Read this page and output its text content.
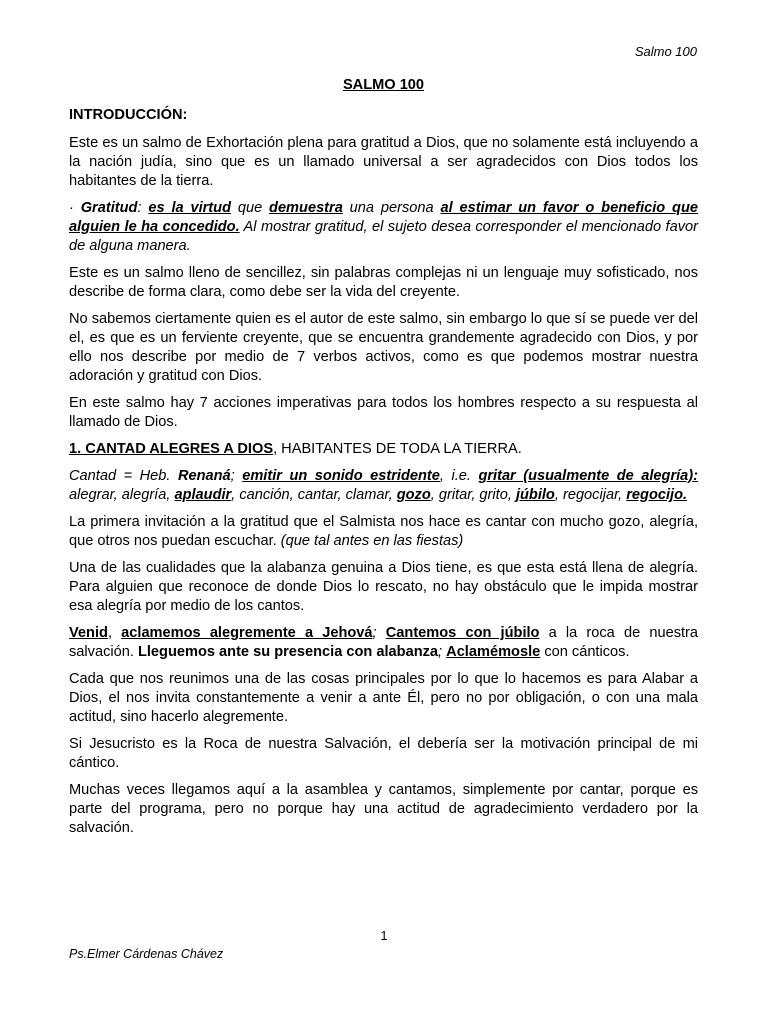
Salmo 100
SALMO 100
INTRODUCCIÓN:

Este es un salmo de Exhortación plena para gratitud a Dios, que no solamente está incluyendo a la nación judía, sino que es un llamado universal a ser agradecidos con Dios todos los habitantes de la tierra.

· Gratitud: es la virtud que demuestra una persona al estimar un favor o beneficio que alguien le ha concedido. Al mostrar gratitud, el sujeto desea corresponder el mencionado favor de alguna manera.

Este es un salmo lleno de sencillez, sin palabras complejas ni un lenguaje muy sofisticado, nos describe de forma clara, como debe ser la vida del creyente.

No sabemos ciertamente quien es el autor de este salmo, sin embargo lo que sí se puede ver del el, es que es un ferviente creyente, que se encuentra grandemente agradecido con Dios, y por ello nos describe por medio de 7 verbos activos, como es que podemos mostrar nuestra adoración y gratitud con Dios.

En este salmo hay 7 acciones imperativas para todos los hombres respecto a su respuesta al llamado de Dios.

1. CANTAD ALEGRES A DIOS, HABITANTES DE TODA LA TIERRA.

Cantad = Heb. Renaná; emitir un sonido estridente, i.e. gritar (usualmente de alegría): alegrar, alegría, aplaudir, canción, cantar, clamar, gozo, gritar, grito, júbilo, regocijar, regocijo.

La primera invitación a la gratitud que el Salmista nos hace es cantar con mucho gozo, alegría, que otros nos puedan escuchar. (que tal antes en las fiestas)

Una de las cualidades que la alabanza genuina a Dios tiene, es que esta está llena de alegría. Para alguien que reconoce de donde Dios lo rescato, no hay obstáculo que le impida mostrar esa alegría por medio de los cantos.

Venid, aclamemos alegremente a Jehová; Cantemos con júbilo a la roca de nuestra salvación. Lleguemos ante su presencia con alabanza; Aclamémosle con cánticos.

Cada que nos reunimos una de las cosas principales por lo que lo hacemos es para Alabar a Dios, el nos invita constantemente a venir a ante Él, pero no por obligación, o con una mala actitud, sino hacerlo alegremente.

Si Jesucristo es la Roca de nuestra Salvación, el debería ser la motivación principal de mi cántico.

Muchas veces llegamos aquí a la asamblea y cantamos, simplemente por cantar, porque es parte del programa, pero no porque hay una actitud de agradecimiento verdadero por la salvación.

1
Ps.Elmer Cárdenas Chávez
